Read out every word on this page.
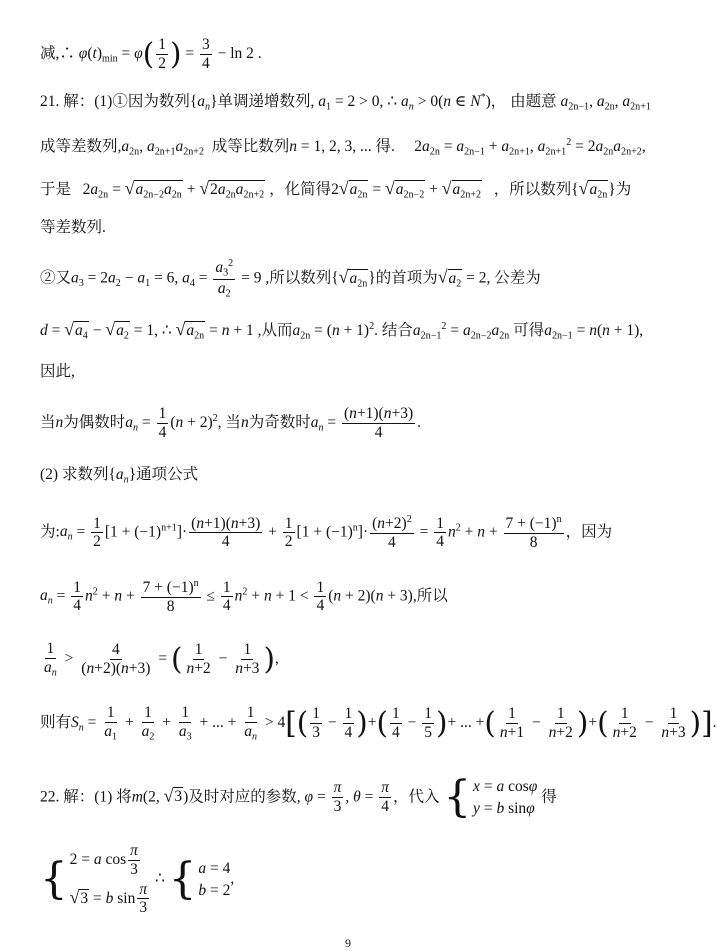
减,∴ $\varphi(t)_{min} = \varphi( \frac{1}{2}$ ) = $\frac{3}{4} - \ln 2$ .
21. 解：(1)①因为数列$\{a_n\}$单调递增数列, $a_1 = 2 > 0$, ∴ $a_n > 0(n$ ∈ N*)， 由题意 $a_{2n-1}$, $a_{2n}$, $a_{2n+1}$
成等差数列$,a_{2n}$, $a_{2n+1}a_{2n+2}$ 成等比数列n = 1, 2, 3, ... 得.     $2a_{2n} = a_{2n-1} + a_{2n+1}$, $a_{2n+1}^2 = 2a_{2n}a_{2n+2}$,
于是   $2a_{2n} = √a_{2n-2}a_{2n} + √2a_{2n}a_{2n+2}$ ，化简得$2√a_{2n} = √a_{2n-2} + √a_{2n+2}$ ，所以数列$\{√a_{2n}\}$为
等差数列.
②又$a_3 = 2a_2 - a_1 = 6$, $a_4 = \frac{a_3^2}{a_2} = 9$ ,所以数列$\{√a_{2n}\}$的首项为$√a_2 = 2$, 公差为
$d = √a_4 - √a_2 = 1$, ∴ $√a_{2n} = n + 1$ ,从而$a_{2n} = (n + 1)^2$. 结合$a_{2n-1}^2 = a_{2n-2}a_{2n}$ 可得$a_{2n-1} = n(n + 1)$,
因此,
当n为偶数时$a_n = \frac{1}{4} (n + 2)^2$, 当n为奇数时$a_n = \frac{(n+1)(n+3)}{4}$ .
(2) 求数列$\{a_n\}$通项公式
为$:a_n = \frac{1}{2} [1 + (-1)^{n+1}]\cdot \frac{(n+1)(n+3)}{4} + \frac{1}{2} [1 + (-1)^n]\cdot \frac{(n+2)^2}{4} = \frac{1}{4} n^2 + n + \frac{7 + (-1)^n}{8}$ ，因为
$a_n = \frac{1}{4} n^2 + n + \frac{7 + (-1)^n}{8} \le \frac{1}{4} n^2 + n + 1 < \frac{1}{4} (n + 2)(n + 3)$,所以
$\frac{1}{a_n} > \frac{4}{(n+2)(n+3)}$ = ( $\frac{1}{n+2} - \frac{1}{n+3}$ ),
则有$S_n = \frac{1}{a_1} + \frac{1}{a_2} + \frac{1}{a_3}$ + ... + $\frac{1}{a_n} > 4[( \frac{1}{3} - \frac{1}{4}$ )+( $\frac{1}{4} - \frac{1}{5}$ )+ ... +( $\frac{1}{n+1} - \frac{1}{n+2}$ )+( $\frac{1}{n+2} - \frac{1}{n+3}$ )].
22. 解：(1) 将m(2, √3)及时对应的参数, $\varphi = \frac{\pi}{3}$ , $\theta = \frac{\pi}{4}$ ，代入 { x = a cosφ
y = b sinφ
得
{ 2 = a $\cos \frac{\pi}{3}$
√3 = b $\sin \frac{\pi}{3}$
∴ { a = 4
b = 2
,
9
